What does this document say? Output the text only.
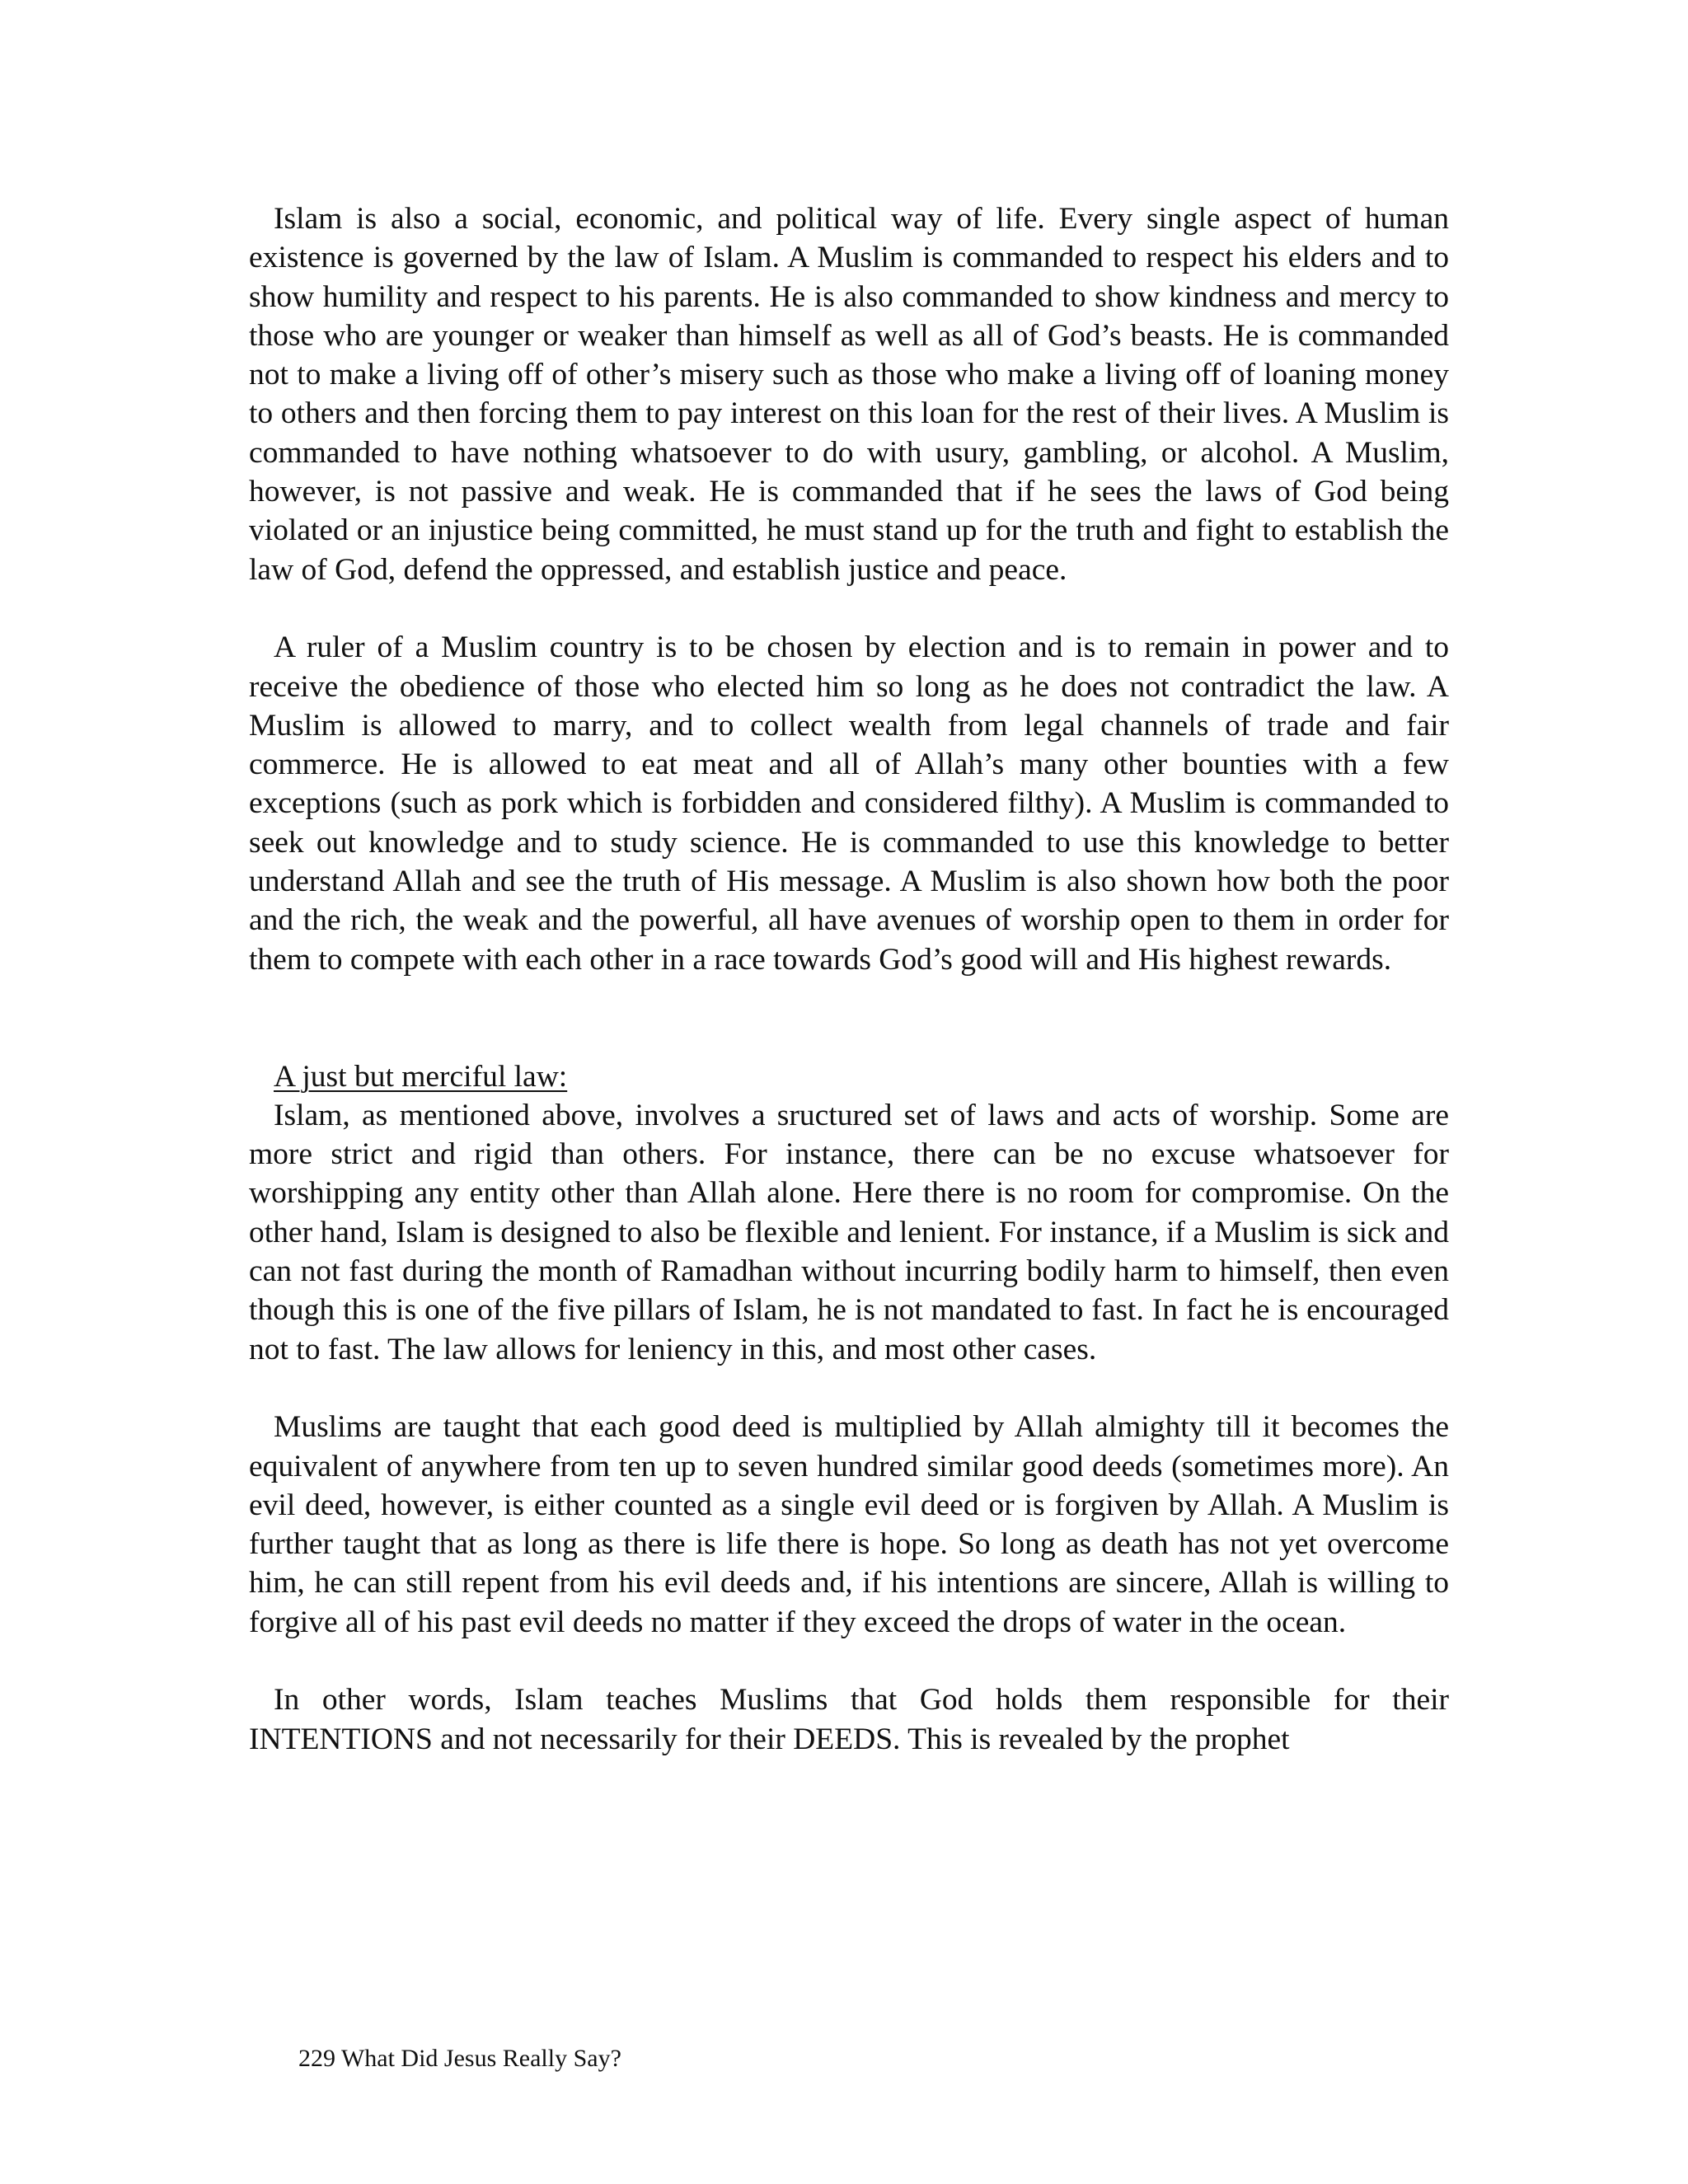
Islam is also a social, economic, and political way of life. Every single aspect of human existence is governed by the law of Islam. A Muslim is commanded to respect his elders and to show humility and respect to his parents. He is also commanded to show kindness and mercy to those who are younger or weaker than himself as well as all of God’s beasts. He is commanded not to make a living off of other’s misery such as those who make a living off of loaning money to others and then forcing them to pay interest on this loan for the rest of their lives. A Muslim is commanded to have nothing whatsoever to do with usury, gambling, or alcohol. A Muslim, however, is not passive and weak. He is commanded that if he sees the laws of God being violated or an injustice being committed, he must stand up for the truth and fight to establish the law of God, defend the oppressed, and establish justice and peace.

A ruler of a Muslim country is to be chosen by election and is to remain in power and to receive the obedience of those who elected him so long as he does not contradict the law. A Muslim is allowed to marry, and to collect wealth from legal channels of trade and fair commerce. He is allowed to eat meat and all of Allah’s many other bounties with a few exceptions (such as pork which is forbidden and considered filthy). A Muslim is commanded to seek out knowledge and to study science. He is commanded to use this knowledge to better understand Allah and see the truth of His message. A Muslim is also shown how both the poor and the rich, the weak and the powerful, all have avenues of worship open to them in order for them to compete with each other in a race towards God’s good will and His highest rewards.

A just but merciful law:

Islam, as mentioned above, involves a sructured set of laws and acts of worship. Some are more strict and rigid than others. For instance, there can be no excuse whatsoever for worshipping any entity other than Allah alone. Here there is no room for compromise. On the other hand, Islam is designed to also be flexible and lenient. For instance, if a Muslim is sick and can not fast during the month of Ramadhan without incurring bodily harm to himself, then even though this is one of the five pillars of Islam, he is not mandated to fast. In fact he is encouraged not to fast. The law allows for leniency in this, and most other cases.

Muslims are taught that each good deed is multiplied by Allah almighty till it becomes the equivalent of anywhere from ten up to seven hundred similar good deeds (sometimes more). An evil deed, however, is either counted as a single evil deed or is forgiven by Allah. A Muslim is further taught that as long as there is life there is hope. So long as death has not yet overcome him, he can still repent from his evil deeds and, if his intentions are sincere, Allah is willing to forgive all of his past evil deeds no matter if they exceed the drops of water in the ocean.

In other words, Islam teaches Muslims that God holds them responsible for their INTENTIONS and not necessarily for their DEEDS. This is revealed by the prophet

229 What Did Jesus Really Say?
